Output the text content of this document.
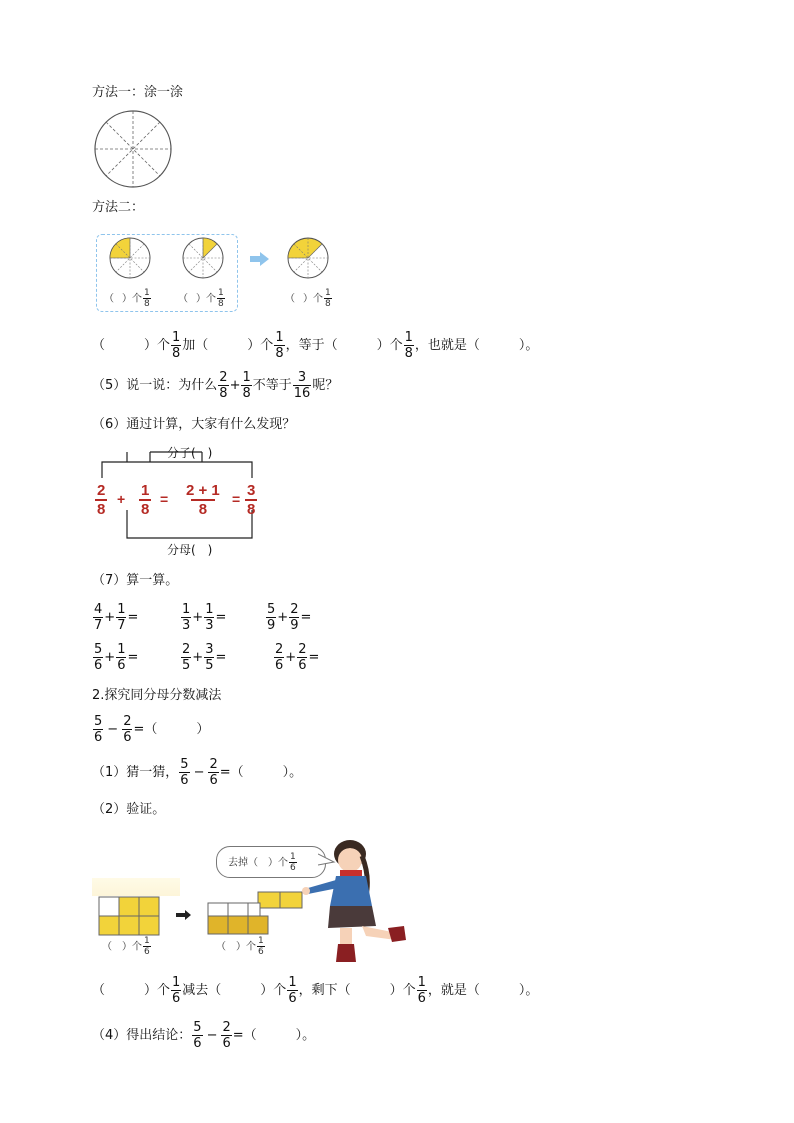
方法一：涂一涂
方法二：
（ ）个 $\frac{1}{8}$	（ ）个 $\frac{1}{8}$	（ ）个 $\frac{1}{8}$
（　　　）个 $\frac{1}{8}$ 加（　　　）个 $\frac{1}{8}$ ，等于（　　　）个 $\frac{1}{8}$ ，也就是（　　　）。
（5）说一说：为什么 $\frac{2}{8} + \frac{1}{8}$ 不等于 $\frac{3}{16}$ 呢？
（6）通过计算，大家有什么发现？
分子(　)
分母(　)
$\frac{2}{8} + \frac{1}{8} = \frac{2 + 1}{8} = \frac{3}{8}$
（7）算一算。
$\frac{4}{7} + \frac{1}{7}$ =	$\frac{1}{3} + \frac{1}{3}$ =	$\frac{5}{9} + \frac{2}{9}$ =
$\frac{5}{6} + \frac{1}{6}$ =	$\frac{2}{5} + \frac{3}{5}$ =	$\frac{2}{6} + \frac{2}{6}$ =
2.探究同分母分数减法
$\frac{5}{6} - \frac{2}{6}$ =（　　　）
（1）猜一猜， $\frac{5}{6} - \frac{2}{6}$ =（　　　）。
（2）验证。
（　）个 $\frac{1}{6}$	（　）个 $\frac{1}{6}$
去掉（　）个 $\frac{1}{6}$
（　　　）个 $\frac{1}{6}$ 减去（　　　）个 $\frac{1}{6}$ ，剩下（　　　）个 $\frac{1}{6}$ ，就是（　　　）。
（4）得出结论： $\frac{5}{6} - \frac{2}{6}$ =（　　　）。
